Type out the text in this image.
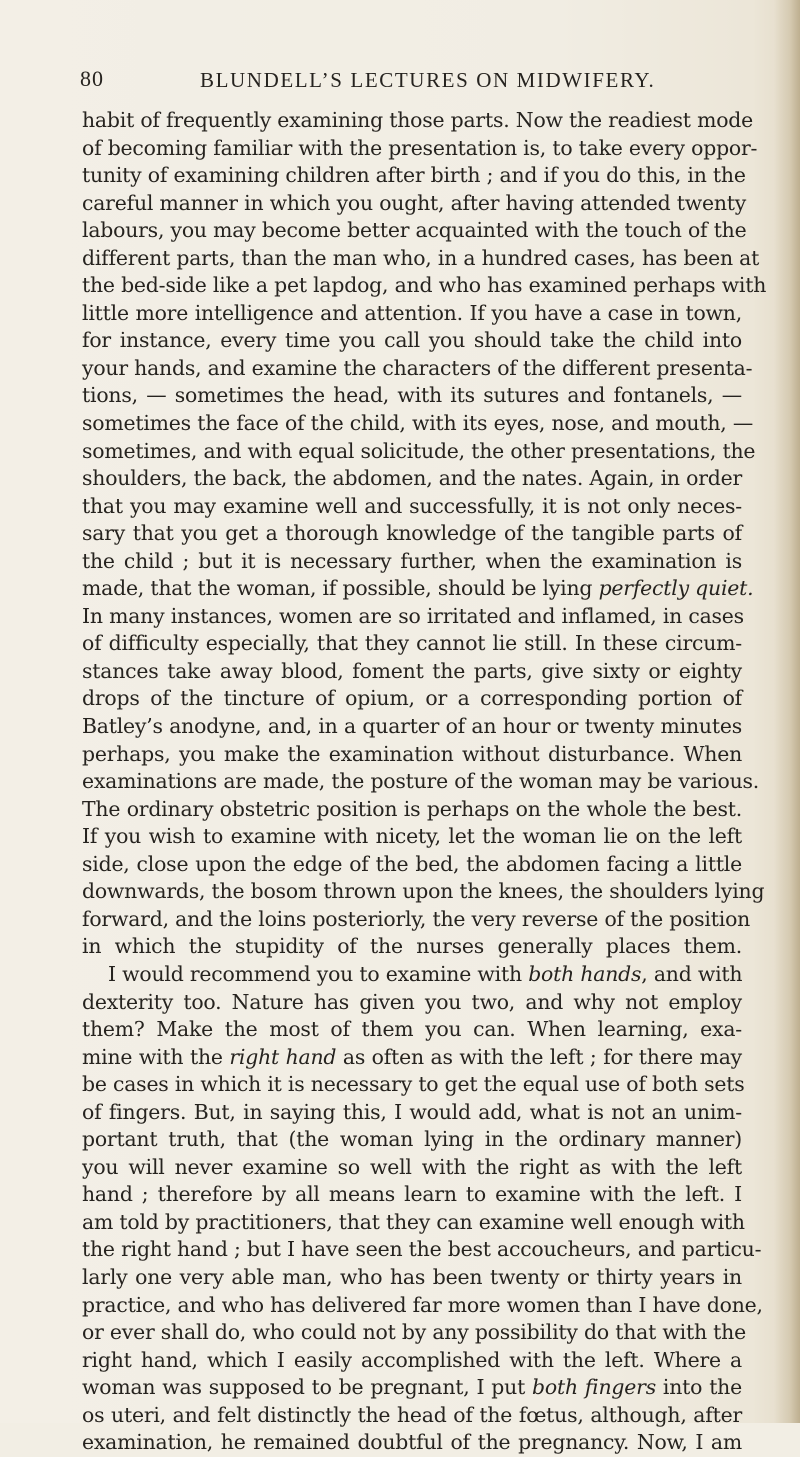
80	BLUNDELL’S LECTURES ON MIDWIFERY.
habit of frequently examining those parts. Now the readiest mode
of becoming familiar with the presentation is, to take every oppor-
tunity of examining children after birth ; and if you do this, in the
careful manner in which you ought, after having attended twenty
labours, you may become better acquainted with the touch of the
different parts, than the man who, in a hundred cases, has been at
the bed-side like a pet lapdog, and who has examined perhaps with
little more intelligence and attention. If you have a case in town,
for instance, every time you call you should take the child into
your hands, and examine the characters of the different presenta-
tions, — sometimes the head, with its sutures and fontanels, —
sometimes the face of the child, with its eyes, nose, and mouth, —
sometimes, and with equal solicitude, the other presentations, the
shoulders, the back, the abdomen, and the nates. Again, in order
that you may examine well and successfully, it is not only neces-
sary that you get a thorough knowledge of the tangible parts of
the child ; but it is necessary further, when the examination is
made, that the woman, if possible, should be lying perfectly quiet.
In many instances, women are so irritated and inflamed, in cases
of difficulty especially, that they cannot lie still. In these circum-
stances take away blood, foment the parts, give sixty or eighty
drops of the tincture of opium, or a corresponding portion of
Batley’s anodyne, and, in a quarter of an hour or twenty minutes
perhaps, you make the examination without disturbance. When
examinations are made, the posture of the woman may be various.
The ordinary obstetric position is perhaps on the whole the best.
If you wish to examine with nicety, let the woman lie on the left
side, close upon the edge of the bed, the abdomen facing a little
downwards, the bosom thrown upon the knees, the shoulders lying
forward, and the loins posteriorly, the very reverse of the position
in which the stupidity of the nurses generally places them.
I would recommend you to examine with both hands, and with
dexterity too. Nature has given you two, and why not employ
them? Make the most of them you can. When learning, exa-
mine with the right hand as often as with the left ; for there may
be cases in which it is necessary to get the equal use of both sets
of fingers. But, in saying this, I would add, what is not an unim-
portant truth, that (the woman lying in the ordinary manner)
you will never examine so well with the right as with the left
hand ; therefore by all means learn to examine with the left. I
am told by practitioners, that they can examine well enough with
the right hand ; but I have seen the best accoucheurs, and particu-
larly one very able man, who has been twenty or thirty years in
practice, and who has delivered far more women than I have done,
or ever shall do, who could not by any possibility do that with the
right hand, which I easily accomplished with the left. Where a
woman was supposed to be pregnant, I put both fingers into the
os uteri, and felt distinctly the head of the fœtus, although, after
examination, he remained doubtful of the pregnancy. Now, I am
